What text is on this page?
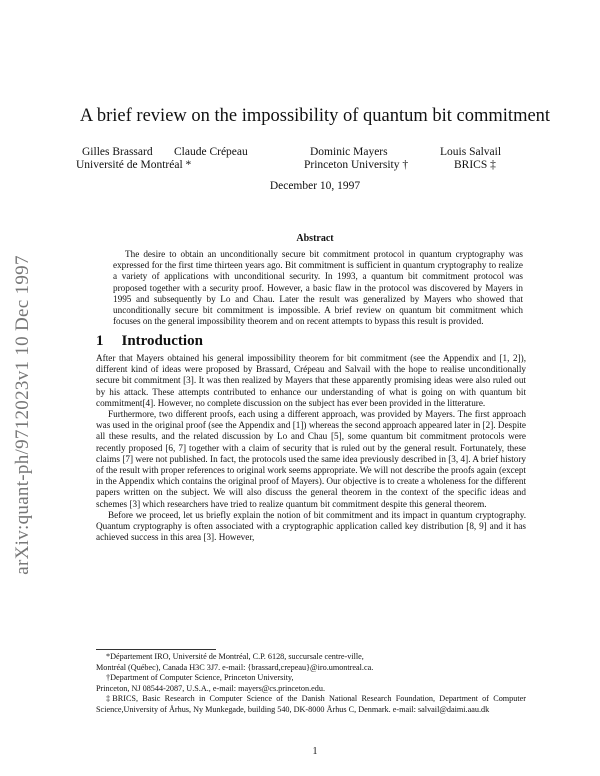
arXiv:quant-ph/9712023v1 10 Dec 1997
A brief review on the impossibility of quantum bit commitment
Gilles Brassard Claude Crépeau
Université de Montréal *
Dominic Mayers
Princeton University †
Louis Salvail
BRICS ‡
December 10, 1997
Abstract
The desire to obtain an unconditionally secure bit commitment protocol in quantum cryptography was expressed for the first time thirteen years ago. Bit commitment is sufficient in quantum cryptography to realize a variety of applications with unconditional security. In 1993, a quantum bit commitment protocol was proposed together with a security proof. However, a basic flaw in the protocol was discovered by Mayers in 1995 and subsequently by Lo and Chau. Later the result was generalized by Mayers who showed that unconditionally secure bit commitment is impossible. A brief review on quantum bit commitment which focuses on the general impossibility theorem and on recent attempts to bypass this result is provided.
1 Introduction

After that Mayers obtained his general impossibility theorem for bit commitment (see the Appendix and [1, 2]), different kind of ideas were proposed by Brassard, Crépeau and Salvail with the hope to realise unconditionally secure bit commitment [3]. It was then realized by Mayers that these apparently promising ideas were also ruled out by his attack. These attempts contributed to enhance our understanding of what is going on with quantum bit commitment[4]. However, no complete discussion on the subject has ever been provided in the litterature.

Furthermore, two different proofs, each using a different approach, was provided by Mayers. The first approach was used in the original proof (see the Appendix and [1]) whereas the second approach appeared later in [2]. Despite all these results, and the related discussion by Lo and Chau [5], some quantum bit commitment protocols were recently proposed [6, 7] together with a claim of security that is ruled out by the general result. Fortunately, these claims [7] were not published. In fact, the protocols used the same idea previously described in [3, 4]. A brief history of the result with proper references to original work seems appropriate. We will not describe the proofs again (except in the Appendix which contains the original proof of Mayers). Our objective is to create a wholeness for the different papers written on the subject. We will also discuss the general theorem in the context of the specific ideas and schemes [3] which researchers have tried to realize quantum bit commitment despite this general theorem.

Before we proceed, let us briefly explain the notion of bit commitment and its impact in quantum cryptography. Quantum cryptography is often associated with a cryptographic application called key distribution [8, 9] and it has achieved success in this area [3]. However,

*Département IRO, Université de Montréal, C.P. 6128, succursale centre-ville,

Montréal (Québec), Canada H3C 3J7. e-mail: {brassard,crepeau}@iro.umontreal.ca.

†Department of Computer Science, Princeton University,

Princeton, NJ 08544-2087, U.S.A., e-mail: mayers@cs.princeton.edu.

‡BRICS, Basic Research in Computer Science of the Danish National Research Foundation, Department of Computer Science,University of Århus, Ny Munkegade, building 540, DK-8000 Århus C, Denmark. e-mail: salvail@daimi.aau.dk

1
